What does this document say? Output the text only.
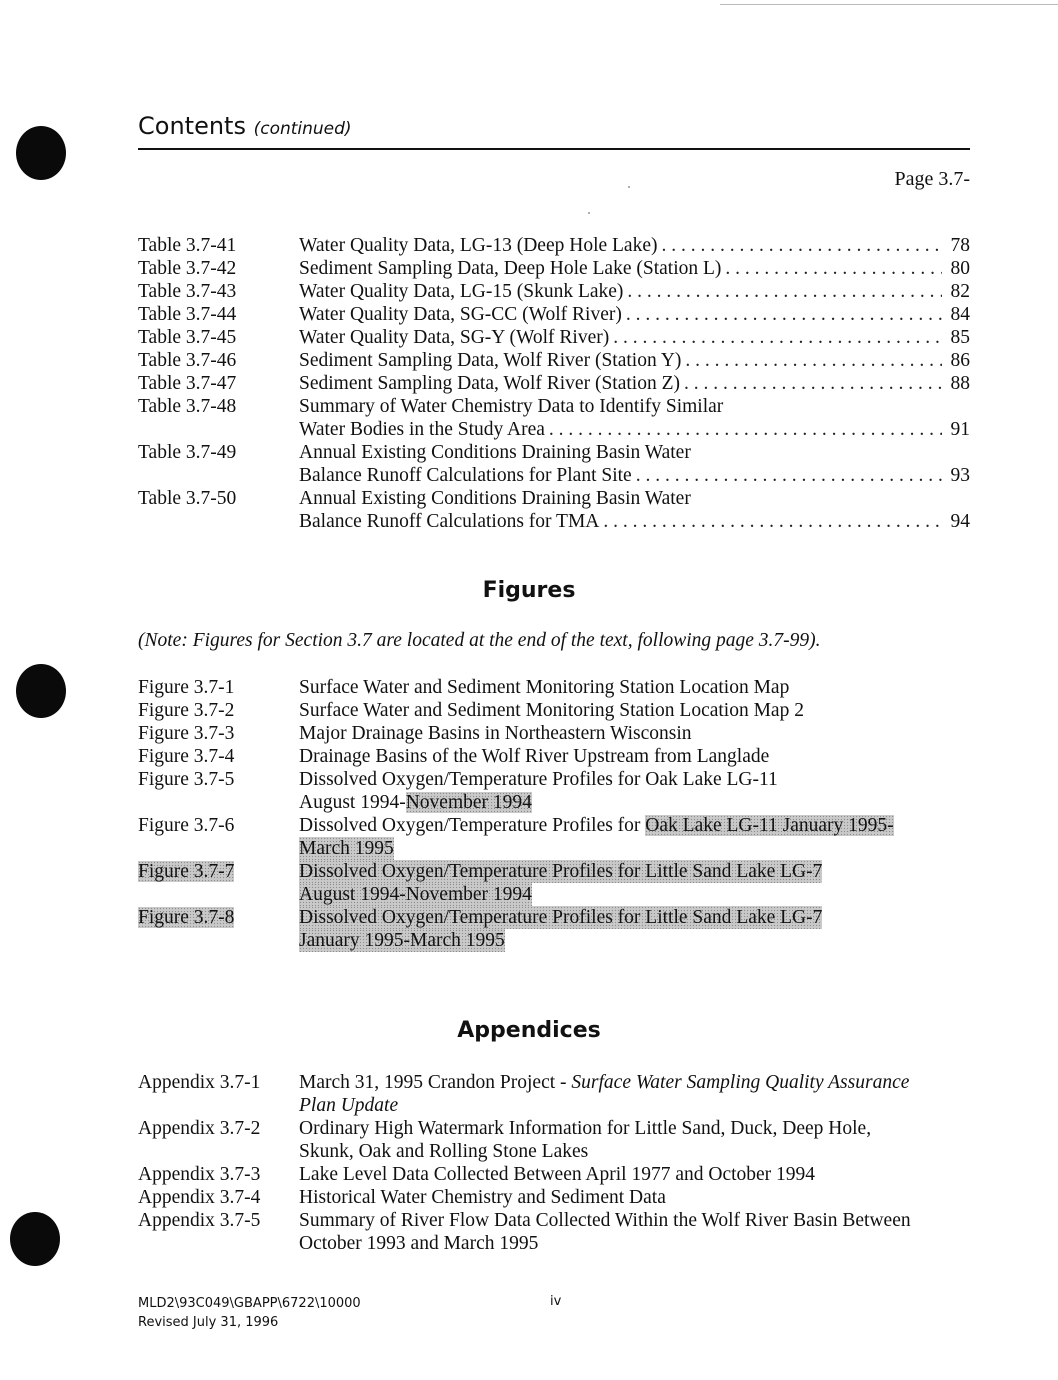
Contents (continued)
Page 3.7-
Table 3.7-41	Water Quality Data, LG-13 (Deep Hole Lake) . . .	78
Table 3.7-42	Sediment Sampling Data, Deep Hole Lake (Station L) . . .	80
Table 3.7-43	Water Quality Data, LG-15 (Skunk Lake) . . .	82
Table 3.7-44	Water Quality Data, SG-CC (Wolf River) . . .	84
Table 3.7-45	Water Quality Data, SG-Y (Wolf River) . . .	85
Table 3.7-46	Sediment Sampling Data, Wolf River (Station Y) . . .	86
Table 3.7-47	Sediment Sampling Data, Wolf River (Station Z) . . .	88
Table 3.7-48	Summary of Water Chemistry Data to Identify Similar
Water Bodies in the Study Area . . .	91
Table 3.7-49	Annual Existing Conditions Draining Basin Water
Balance Runoff Calculations for Plant Site . . .	93
Table 3.7-50	Annual Existing Conditions Draining Basin Water
Balance Runoff Calculations for TMA . . .	94
Figures
(Note: Figures for Section 3.7 are located at the end of the text, following page 3.7-99).
Figure 3.7-1	Surface Water and Sediment Monitoring Station Location Map
Figure 3.7-2	Surface Water and Sediment Monitoring Station Location Map 2
Figure 3.7-3	Major Drainage Basins in Northeastern Wisconsin
Figure 3.7-4	Drainage Basins of the Wolf River Upstream from Langlade
Figure 3.7-5	Dissolved Oxygen/Temperature Profiles for Oak Lake LG-11
August 1994-November 1994
Figure 3.7-6	Dissolved Oxygen/Temperature Profiles for Oak Lake LG-11 January 1995-
March 1995
Figure 3.7-7	Dissolved Oxygen/Temperature Profiles for Little Sand Lake LG-7
August 1994-November 1994
Figure 3.7-8	Dissolved Oxygen/Temperature Profiles for Little Sand Lake LG-7
January 1995-March 1995
Appendices
Appendix 3.7-1	March 31, 1995 Crandon Project - Surface Water Sampling Quality Assurance
Plan Update
Appendix 3.7-2	Ordinary High Watermark Information for Little Sand, Duck, Deep Hole,
Skunk, Oak and Rolling Stone Lakes
Appendix 3.7-3	Lake Level Data Collected Between April 1977 and October 1994
Appendix 3.7-4	Historical Water Chemistry and Sediment Data
Appendix 3.7-5	Summary of River Flow Data Collected Within the Wolf River Basin Between
October 1993 and March 1995
MLD2\93C049\GBAPP\6722\10000
Revised July 31, 1996
iv
